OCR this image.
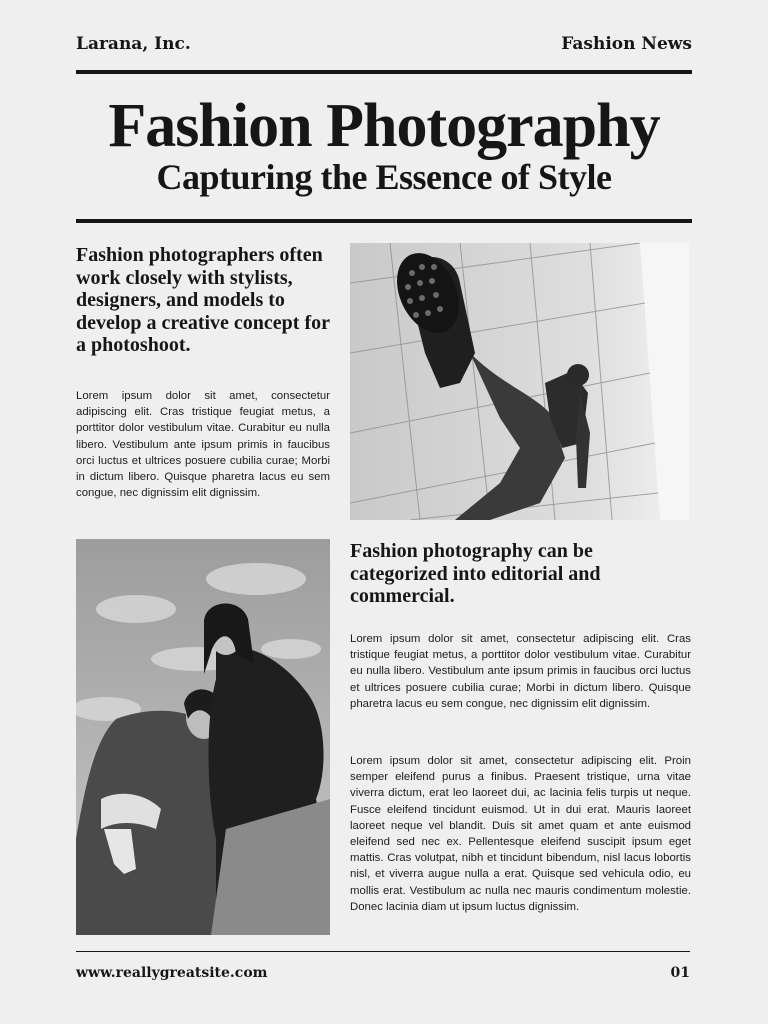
Larana, Inc.	Fashion News
Fashion Photography
Capturing the Essence of Style
Fashion photographers often work closely with stylists, designers, and models to develop a creative concept for a photoshoot.
Lorem ipsum dolor sit amet, consectetur adipiscing elit. Cras tristique feugiat metus, a porttitor dolor vestibulum vitae. Curabitur eu nulla libero. Vestibulum ante ipsum primis in faucibus orci luctus et ultrices posuere cubilia curae; Morbi in dictum libero. Quisque pharetra lacus eu sem congue, nec dignissim elit dignissim.
Fashion photography can be categorized into editorial and commercial.
Lorem ipsum dolor sit amet, consectetur adipiscing elit. Cras tristique feugiat metus, a porttitor dolor vestibulum vitae. Curabitur eu nulla libero. Vestibulum ante ipsum primis in faucibus orci luctus et ultrices posuere cubilia curae; Morbi in dictum libero. Quisque pharetra lacus eu sem congue, nec dignissim elit dignissim.
Lorem ipsum dolor sit amet, consectetur adipiscing elit. Proin semper eleifend purus a finibus. Praesent tristique, urna vitae viverra dictum, erat leo laoreet dui, ac lacinia felis turpis ut neque. Fusce eleifend tincidunt euismod. Ut in dui erat. Mauris laoreet laoreet neque vel blandit. Duis sit amet quam et ante euismod eleifend sed nec ex. Pellentesque eleifend suscipit ipsum eget mattis. Cras volutpat, nibh et tincidunt bibendum, nisl lacus lobortis nisl, et viverra augue nulla a erat. Quisque sed vehicula odio, eu mollis erat. Vestibulum ac nulla nec mauris condimentum molestie. Donec lacinia diam ut ipsum luctus dignissim.
www.reallygreatsite.com	01
